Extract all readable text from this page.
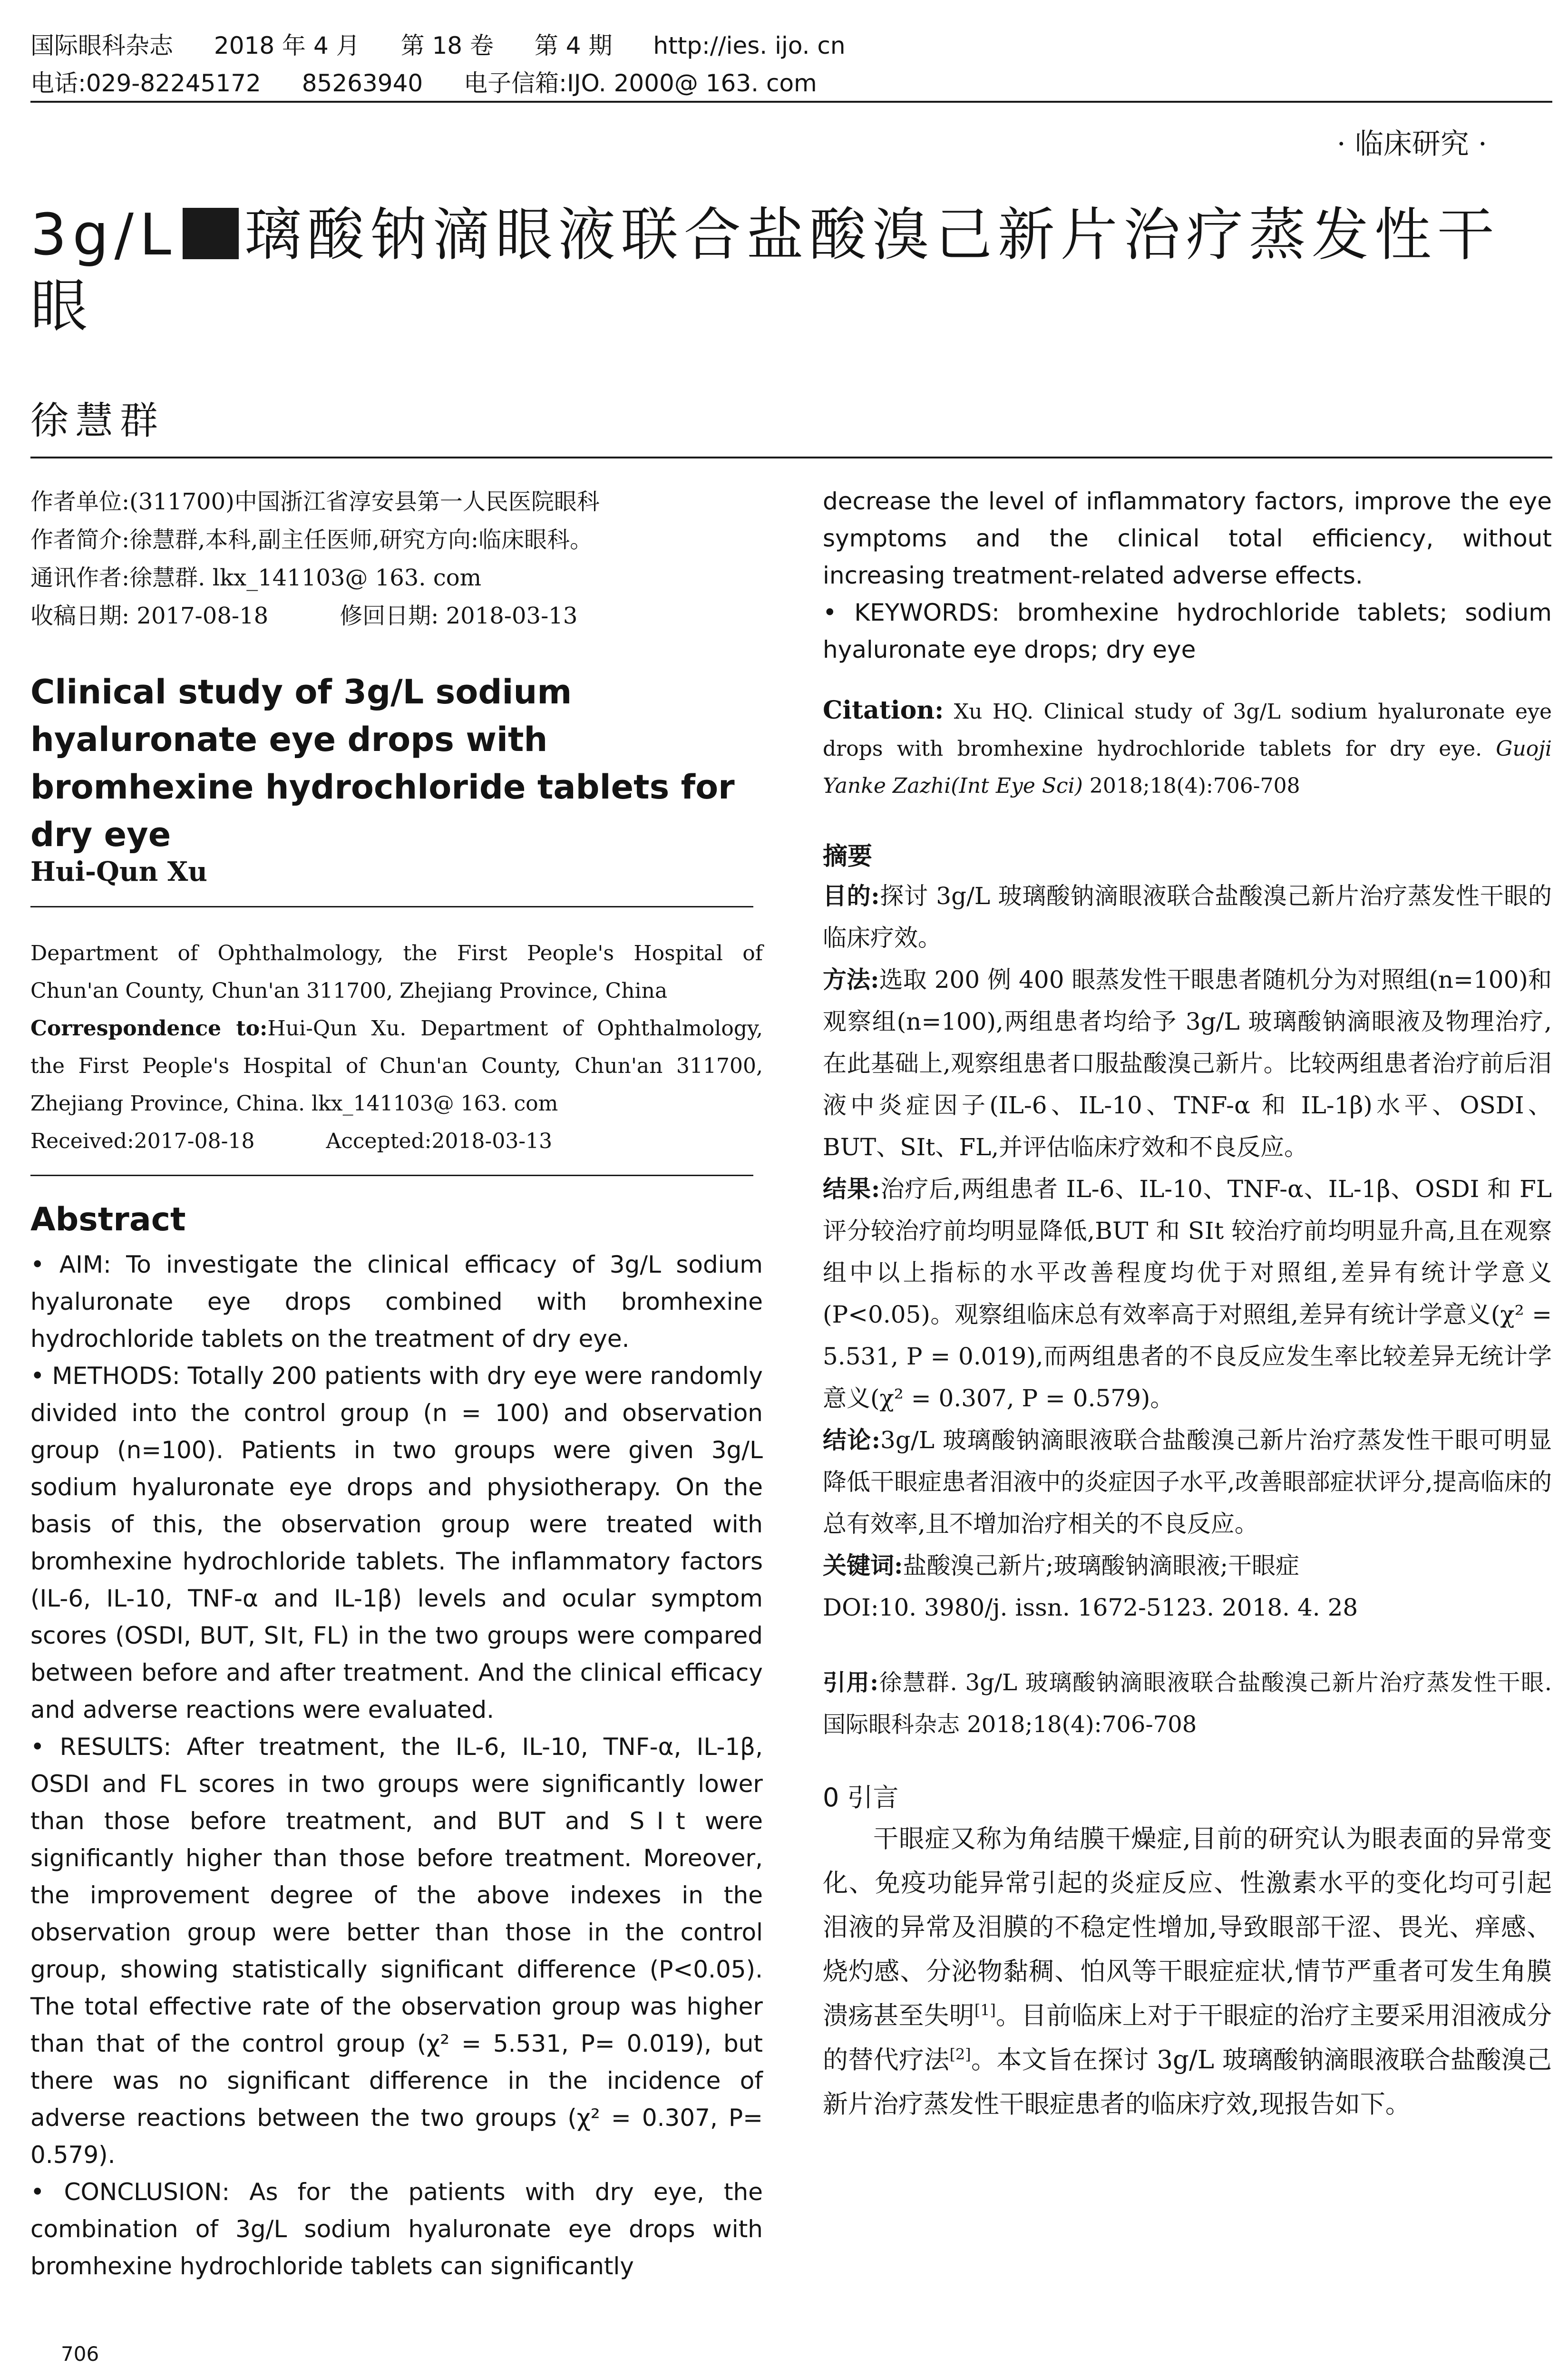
国际眼科杂志 2018 年 4 月 第 18 卷 第 4 期 http://ies. ijo. cn
电话:029-82245172 85263940 电子信箱:IJO. 2000@ 163. com
· 临床研究 ·
3g/L 璃酸钠滴眼液联合盐酸溴己新片治疗蒸发性干眼
徐慧群
作者单位:(311700)中国浙江省淳安县第一人民医院眼科
作者简介:徐慧群,本科,副主任医师,研究方向:临床眼科。
通讯作者:徐慧群. lkx_141103@ 163. com
收稿日期: 2017-08-18	修回日期: 2018-03-13
Clinical study of 3g/L sodium hyaluronate eye drops with bromhexine hydrochloride tablets for dry eye
Hui-Qun Xu
Department of Ophthalmology, the First People's Hospital of Chun'an County, Chun'an 311700, Zhejiang Province, China
Correspondence to:Hui-Qun Xu. Department of Ophthalmology, the First People's Hospital of Chun'an County, Chun'an 311700, Zhejiang Province, China. lkx_141103@ 163. com
Received:2017-08-18	Accepted:2018-03-13
Abstract

• AIM: To investigate the clinical efficacy of 3g/L sodium hyaluronate eye drops combined with bromhexine hydrochloride tablets on the treatment of dry eye.

• METHODS: Totally 200 patients with dry eye were randomly divided into the control group (n = 100) and observation group (n=100). Patients in two groups were given 3g/L sodium hyaluronate eye drops and physiotherapy. On the basis of this, the observation group were treated with bromhexine hydrochloride tablets. The inflammatory factors (IL-6, IL-10, TNF-α and IL-1β) levels and ocular symptom scores (OSDI, BUT, SⅠt, FL) in the two groups were compared between before and after treatment. And the clinical efficacy and adverse reactions were evaluated.

• RESULTS: After treatment, the IL-6, IL-10, TNF-α, IL-1β, OSDI and FL scores in two groups were significantly lower than those before treatment, and BUT and SⅠt were significantly higher than those before treatment. Moreover, the improvement degree of the above indexes in the observation group were better than those in the control group, showing statistically significant difference (P<0.05). The total effective rate of the observation group was higher than that of the control group (χ² = 5.531, P= 0.019), but there was no significant difference in the incidence of adverse reactions between the two groups (χ² = 0.307, P= 0.579).

• CONCLUSION: As for the patients with dry eye, the combination of 3g/L sodium hyaluronate eye drops with bromhexine hydrochloride tablets can significantly

706

decrease the level of inflammatory factors, improve the eye symptoms and the clinical total efficiency, without increasing treatment-related adverse effects.

• KEYWORDS: bromhexine hydrochloride tablets; sodium hyaluronate eye drops; dry eye

Citation: Xu HQ. Clinical study of 3g/L sodium hyaluronate eye drops with bromhexine hydrochloride tablets for dry eye. Guoji Yanke Zazhi(Int Eye Sci) 2018;18(4):706-708
摘要

目的:探讨 3g/L 玻璃酸钠滴眼液联合盐酸溴己新片治疗蒸发性干眼的临床疗效。

方法:选取 200 例 400 眼蒸发性干眼患者随机分为对照组(n=100)和观察组(n=100),两组患者均给予 3g/L 玻璃酸钠滴眼液及物理治疗,在此基础上,观察组患者口服盐酸溴己新片。比较两组患者治疗前后泪液中炎症因子(IL-6、IL-10、TNF-α 和 IL-1β)水平、OSDI、BUT、SⅠt、FL,并评估临床疗效和不良反应。

结果:治疗后,两组患者 IL-6、IL-10、TNF-α、IL-1β、OSDI 和 FL 评分较治疗前均明显降低,BUT 和 SⅠt 较治疗前均明显升高,且在观察组中以上指标的水平改善程度均优于对照组,差异有统计学意义(P<0.05)。观察组临床总有效率高于对照组,差异有统计学意义(χ² = 5.531, P = 0.019),而两组患者的不良反应发生率比较差异无统计学意义(χ² = 0.307, P = 0.579)。

结论:3g/L 玻璃酸钠滴眼液联合盐酸溴己新片治疗蒸发性干眼可明显降低干眼症患者泪液中的炎症因子水平,改善眼部症状评分,提高临床的总有效率,且不增加治疗相关的不良反应。

关键词:盐酸溴己新片;玻璃酸钠滴眼液;干眼症

DOI:10. 3980/j. issn. 1672-5123. 2018. 4. 28

引用:徐慧群. 3g/L 玻璃酸钠滴眼液联合盐酸溴己新片治疗蒸发性干眼. 国际眼科杂志 2018;18(4):706-708
0 引言
干眼症又称为角结膜干燥症,目前的研究认为眼表面的异常变化、免疫功能异常引起的炎症反应、性激素水平的变化均可引起泪液的异常及泪膜的不稳定性增加,导致眼部干涩、畏光、痒感、烧灼感、分泌物黏稠、怕风等干眼症症状,情节严重者可发生角膜溃疡甚至失明[1]。目前临床上对于干眼症的治疗主要采用泪液成分的替代疗法[2]。本文旨在探讨 3g/L 玻璃酸钠滴眼液联合盐酸溴己新片治疗蒸发性干眼症患者的临床疗效,现报告如下。
